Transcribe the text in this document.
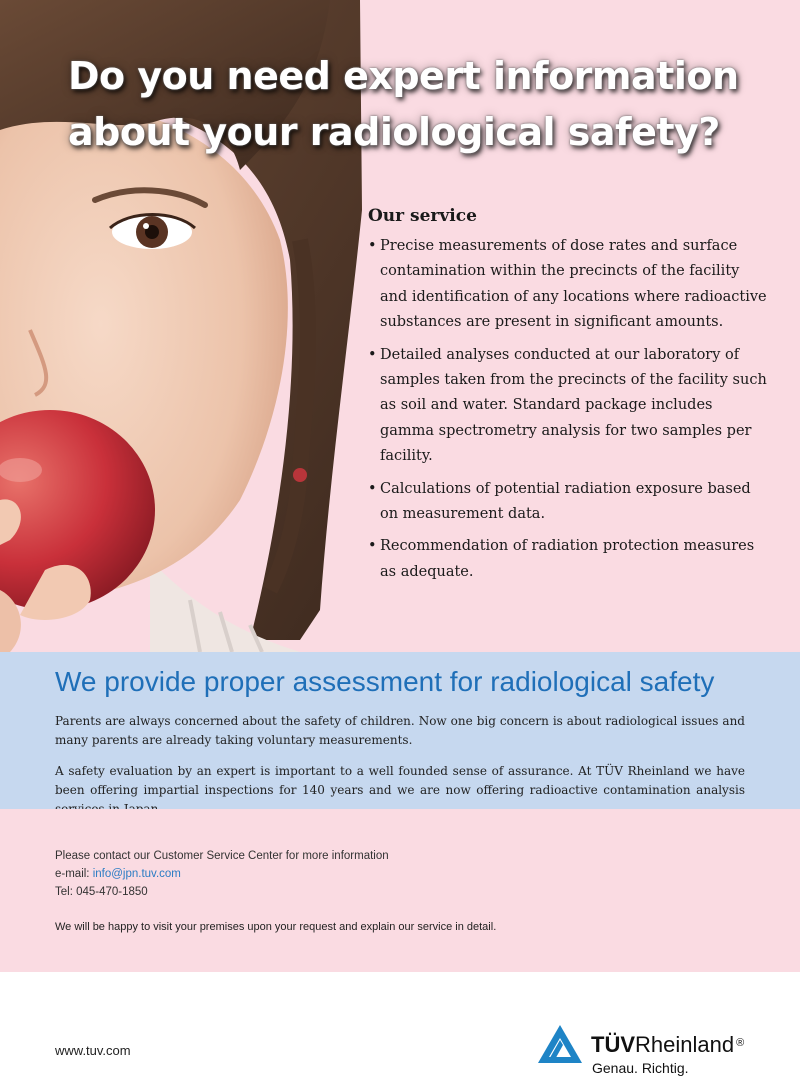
Do you need expert information
about your radiological safety?
Our service
• Precise measurements of dose rates and surface contamination within the precincts of the facility and identification of any locations where radioactive substances are present in significant amounts.
• Detailed analyses conducted at our laboratory of samples taken from the precincts of the facility such as soil and water. Standard package includes gamma spectrometry analysis for two samples per facility.
• Calculations of potential radiation exposure based on measurement data.
• Recommendation of radiation protection measures as adequate.
We provide proper assessment for radiological safety

Parents are always concerned about the safety of children. Now one big concern is about radiological issues and many parents are already taking voluntary measurements.

A safety evaluation by an expert is important to a well founded sense of assurance. At TÜV Rheinland we have been offering impartial inspections for 140 years and we are now offering radioactive contamination analysis

Please contact our Customer Service Center for more information
e-mail: info@jpn.tuv.com
Tel: 045-470-1850
We will be happy to visit your premises upon your request and explain our service in detail.
www.tuv.com	TÜVRheinland ®
Genau. Richtig.
